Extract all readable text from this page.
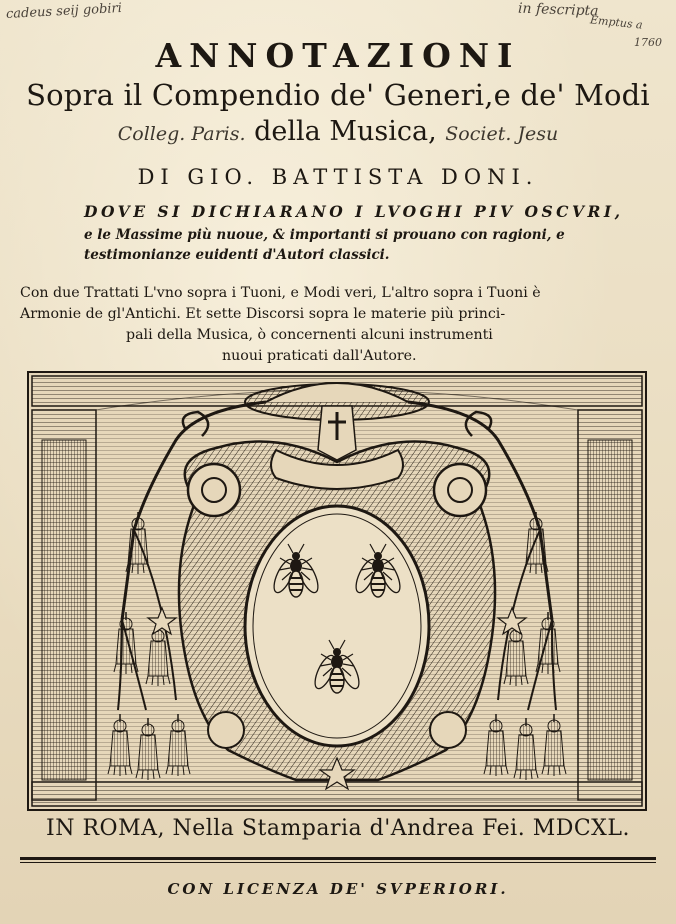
cadeus seij gobiri	in fescripta
Emptus a
1760
ANNOTAZIONI
Sopra il Compendio de' Generi,e de' Modi
Colleg. Paris. della Musica, Societ. Jesu
DI GIO. BATTISTA DONI.
DOVE SI DICHIARANO I LVOGHI PIV OSCVRI,
e le Massime più nuoue, & importanti si prouano con ragioni, e
testimonianze euidenti d'Autori classici.
Con due Trattati L'vno sopra i Tuoni, e Modi veri, L'altro sopra i Tuoni è
Armonie de gl'Antichi. Et sette Discorsi sopra le materie più princi-
pali della Musica, ò concernenti alcuni instrumenti
nuoui praticati dall'Autore.
IN ROMA, Nella Stamparia d'Andrea Fei. MDCXL.
CON LICENZA DE' SVPERIORI.
